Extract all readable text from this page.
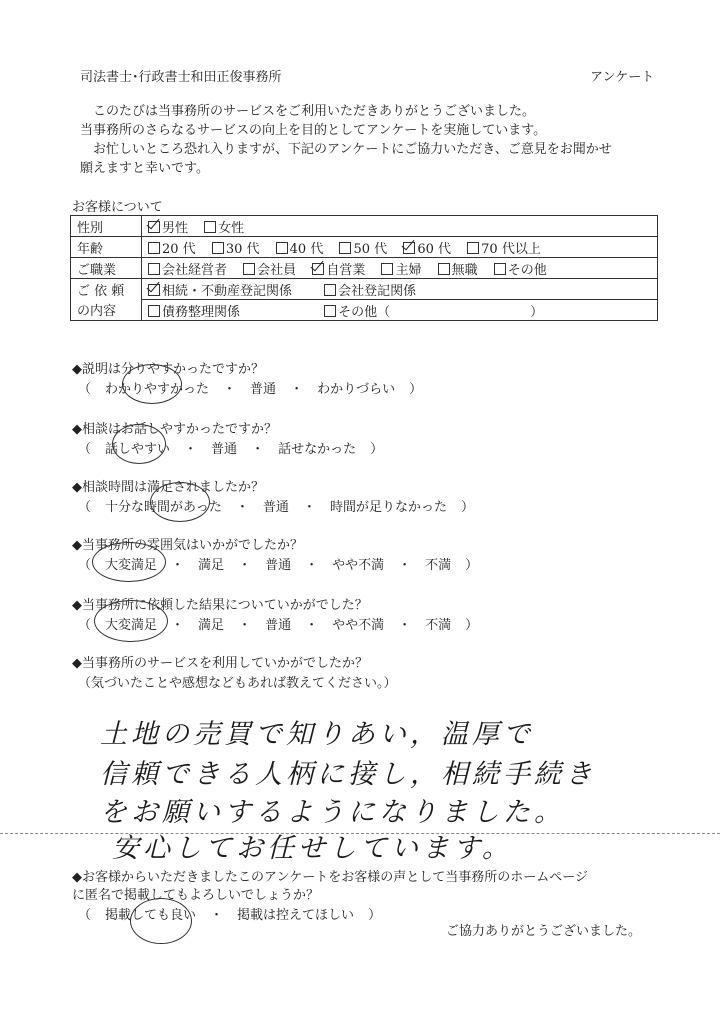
司法書士･行政書士和田正俊事務所	アンケート
このたびは当事務所のサービスをご利用いただきありがとうございました。
当事務所のさらなるサービスの向上を目的としてアンケートを実施しています。
お忙しいところ恐れ入りますが、下記のアンケートにご協力いただき、ご意見をお聞かせ
願えますと幸いです。
お客様について
性別	男性 女性
年齢	20 代 30 代 40 代 50 代 60 代 70 代以上
ご職業	会社経営者 会社員 自営業 主婦 無職 その他
ご 依 頼	相続・不動産登記関係 会社登記関係
の内容	債務整理関係 その他（ ）
◆説明は分りやすかったですか？
（ わかりやすかった ・ 普通 ・ わかりづらい ）
◆相談はお話しやすかったですか？
（ 話しやすい ・ 普通 ・ 話せなかった ）
◆相談時間は満足されましたか？
（ 十分な時間があった ・ 普通 ・ 時間が足りなかった ）
◆当事務所の雰囲気はいかがでしたか？
（ 大変満足 ・ 満足 ・ 普通 ・ やや不満 ・ 不満 ）
◆当事務所に依頼した結果についていかがでした？
（ 大変満足 ・ 満足 ・ 普通 ・ やや不満 ・ 不満 ）
◆当事務所のサービスを利用していかがでしたか？
（気づいたことや感想などもあれば教えてください。）
土地の売買で知りあい，温厚で
信頼できる人柄に接し，相続手続き
をお願いするようになりました。
安心してお任せしています。
◆お客様からいただきましたこのアンケートをお客様の声として当事務所のホームページ
に匿名で掲載してもよろしいでしょうか？
（ 掲載しても良い ・ 掲載は控えてほしい ）
ご協力ありがとうございました。
